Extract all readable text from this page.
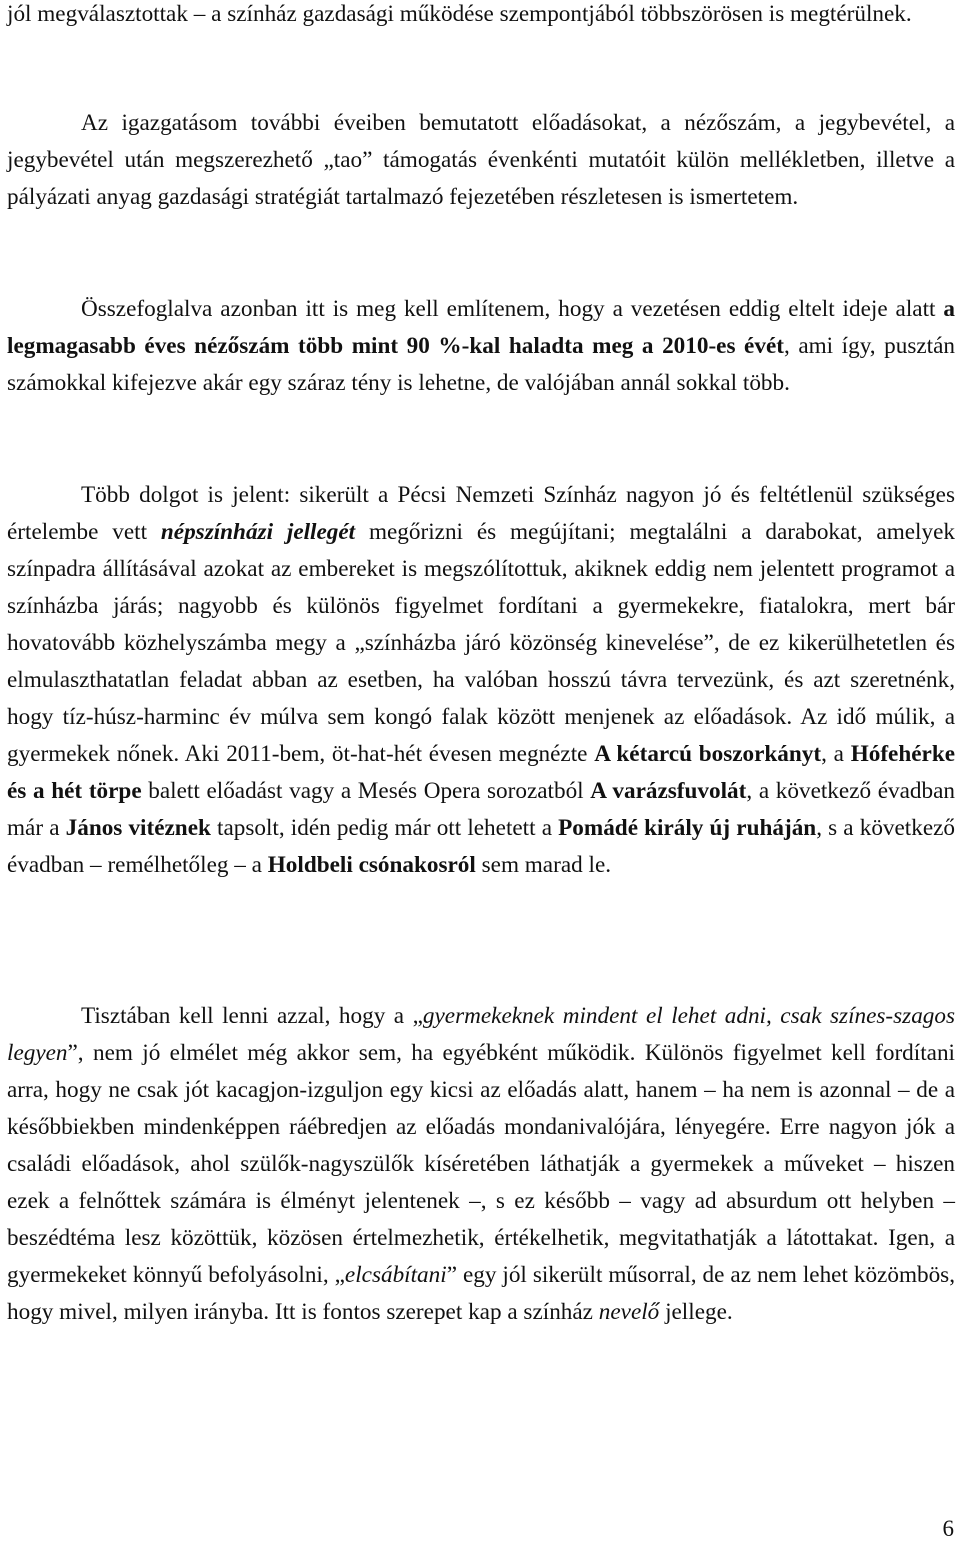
jól megválasztottak – a színház gazdasági működése szempontjából többszörösen is megtérülnek.

Az igazgatásom további éveiben bemutatott előadásokat, a nézőszám, a jegybevétel, a jegybevétel után megszerezhető „tao” támogatás évenkénti mutatóit külön mellékletben, illetve a pályázati anyag gazdasági stratégiát tartalmazó fejezetében részletesen is ismertetem.

Összefoglalva azonban itt is meg kell említenem, hogy a vezetésen eddig eltelt ideje alatt a legmagasabb éves nézőszám több mint 90 %-kal haladta meg a 2010-es évét, ami így, pusztán számokkal kifejezve akár egy száraz tény is lehetne, de valójában annál sokkal több.

Több dolgot is jelent: sikerült a Pécsi Nemzeti Színház nagyon jó és feltétlenül szükséges értelembe vett népszínházi jellegét megőrizni és megújítani; megtalálni a darabokat, amelyek színpadra állításával azokat az embereket is megszólítottuk, akiknek eddig nem jelentett programot a színházba járás; nagyobb és különös figyelmet fordítani a gyermekekre, fiatalokra, mert bár hovatovább közhelyszámba megy a „színházba járó közönség kinevelése”, de ez kikerülhetetlen és elmulaszthatatlan feladat abban az esetben, ha valóban hosszú távra tervezünk, és azt szeretnénk, hogy tíz-húsz-harminc év múlva sem kongó falak között menjenek az előadások. Az idő múlik, a gyermekek nőnek. Aki 2011-bem, öt-hat-hét évesen megnézte A kétarcú boszorkányt, a Hófehérke és a hét törpe balett előadást vagy a Mesés Opera sorozatból A varázsfuvolát, a következő évadban már a János vitéznek tapsolt, idén pedig már ott lehetett a Pomádé király új ruháján, s a következő évadban – remélhetőleg – a Holdbeli csónakosról sem marad le.

Tisztában kell lenni azzal, hogy a „gyermekeknek mindent el lehet adni, csak színes-szagos legyen”, nem jó elmélet még akkor sem, ha egyébként működik. Különös figyelmet kell fordítani arra, hogy ne csak jót kacagjon-izguljon egy kicsi az előadás alatt, hanem – ha nem is azonnal – de a későbbiekben mindenképpen ráébredjen az előadás mondanivalójára, lényegére. Erre nagyon jók a családi előadások, ahol szülők-nagyszülők kíséretében láthatják a gyermekek a műveket – hiszen ezek a felnőttek számára is élményt jelentenek –, s ez később – vagy ad absurdum ott helyben – beszédtéma lesz közöttük, közösen értelmezhetik, értékelhetik, megvitathatják a látottakat. Igen, a gyermekeket könnyű befolyásolni, „elcsábítani” egy jól sikerült műsorral, de az nem lehet közömbös, hogy mivel, milyen irányba. Itt is fontos szerepet kap a színház nevelő jellege.

6
